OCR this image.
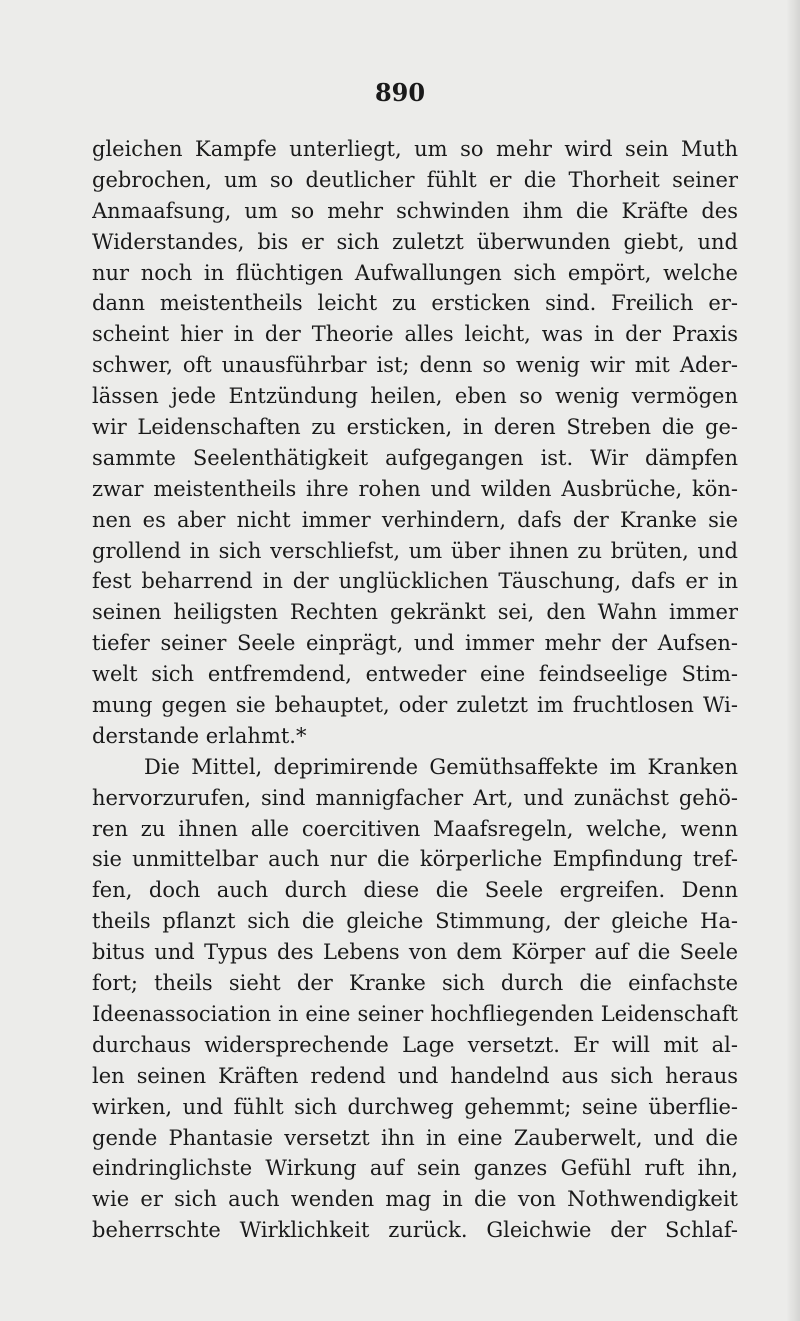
890
gleichen Kampfe unterliegt, um so mehr wird sein Muth
gebrochen, um so deutlicher fühlt er die Thorheit seiner
Anmaafsung, um so mehr schwinden ihm die Kräfte des
Widerstandes, bis er sich zuletzt überwunden giebt, und
nur noch in flüchtigen Aufwallungen sich empört, welche
dann meistentheils leicht zu ersticken sind. Freilich er-
scheint hier in der Theorie alles leicht, was in der Praxis
schwer, oft unausführbar ist; denn so wenig wir mit Ader-
lässen jede Entzündung heilen, eben so wenig vermögen
wir Leidenschaften zu ersticken, in deren Streben die ge-
sammte Seelenthätigkeit aufgegangen ist. Wir dämpfen
zwar meistentheils ihre rohen und wilden Ausbrüche, kön-
nen es aber nicht immer verhindern, dafs der Kranke sie
grollend in sich verschliefst, um über ihnen zu brüten, und
fest beharrend in der unglücklichen Täuschung, dafs er in
seinen heiligsten Rechten gekränkt sei, den Wahn immer
tiefer seiner Seele einprägt, und immer mehr der Aufsen-
welt sich entfremdend, entweder eine feindseelige Stim-
mung gegen sie behauptet, oder zuletzt im fruchtlosen Wi-
derstande erlahmt.*
Die Mittel, deprimirende Gemüthsaffekte im Kranken
hervorzurufen, sind mannigfacher Art, und zunächst gehö-
ren zu ihnen alle coercitiven Maafsregeln, welche, wenn
sie unmittelbar auch nur die körperliche Empfindung tref-
fen, doch auch durch diese die Seele ergreifen. Denn
theils pflanzt sich die gleiche Stimmung, der gleiche Ha-
bitus und Typus des Lebens von dem Körper auf die Seele
fort; theils sieht der Kranke sich durch die einfachste
Ideenassociation in eine seiner hochfliegenden Leidenschaft
durchaus widersprechende Lage versetzt. Er will mit al-
len seinen Kräften redend und handelnd aus sich heraus
wirken, und fühlt sich durchweg gehemmt; seine überflie-
gende Phantasie versetzt ihn in eine Zauberwelt, und die
eindringlichste Wirkung auf sein ganzes Gefühl ruft ihn,
wie er sich auch wenden mag in die von Nothwendigkeit
beherrschte Wirklichkeit zurück. Gleichwie der Schlaf-
